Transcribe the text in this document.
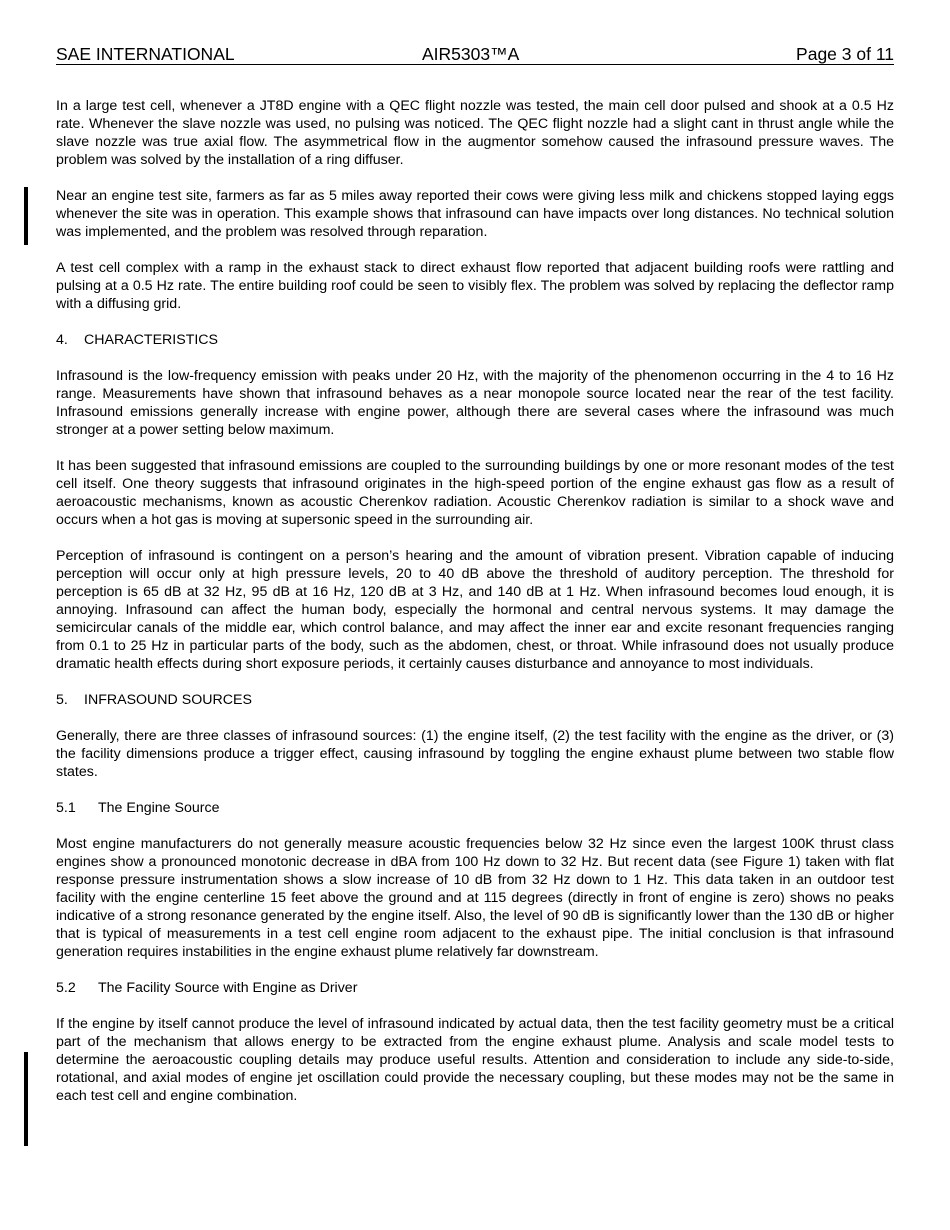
SAE INTERNATIONAL	AIR5303™A	Page 3 of 11

In a large test cell, whenever a JT8D engine with a QEC flight nozzle was tested, the main cell door pulsed and shook at a 0.5 Hz rate. Whenever the slave nozzle was used, no pulsing was noticed. The QEC flight nozzle had a slight cant in thrust angle while the slave nozzle was true axial flow. The asymmetrical flow in the augmentor somehow caused the infrasound pressure waves. The problem was solved by the installation of a ring diffuser.

Near an engine test site, farmers as far as 5 miles away reported their cows were giving less milk and chickens stopped laying eggs whenever the site was in operation. This example shows that infrasound can have impacts over long distances. No technical solution was implemented, and the problem was resolved through reparation.

A test cell complex with a ramp in the exhaust stack to direct exhaust flow reported that adjacent building roofs were rattling and pulsing at a 0.5 Hz rate. The entire building roof could be seen to visibly flex. The problem was solved by replacing the deflector ramp with a diffusing grid.

4. CHARACTERISTICS

Infrasound is the low-frequency emission with peaks under 20 Hz, with the majority of the phenomenon occurring in the 4 to 16 Hz range. Measurements have shown that infrasound behaves as a near monopole source located near the rear of the test facility. Infrasound emissions generally increase with engine power, although there are several cases where the infrasound was much stronger at a power setting below maximum.

It has been suggested that infrasound emissions are coupled to the surrounding buildings by one or more resonant modes of the test cell itself. One theory suggests that infrasound originates in the high-speed portion of the engine exhaust gas flow as a result of aeroacoustic mechanisms, known as acoustic Cherenkov radiation. Acoustic Cherenkov radiation is similar to a shock wave and occurs when a hot gas is moving at supersonic speed in the surrounding air.

Perception of infrasound is contingent on a person’s hearing and the amount of vibration present. Vibration capable of inducing perception will occur only at high pressure levels, 20 to 40 dB above the threshold of auditory perception. The threshold for perception is 65 dB at 32 Hz, 95 dB at 16 Hz, 120 dB at 3 Hz, and 140 dB at 1 Hz. When infrasound becomes loud enough, it is annoying. Infrasound can affect the human body, especially the hormonal and central nervous systems. It may damage the semicircular canals of the middle ear, which control balance, and may affect the inner ear and excite resonant frequencies ranging from 0.1 to 25 Hz in particular parts of the body, such as the abdomen, chest, or throat. While infrasound does not usually produce dramatic health effects during short exposure periods, it certainly causes disturbance and annoyance to most individuals.

5. INFRASOUND SOURCES

Generally, there are three classes of infrasound sources: (1) the engine itself, (2) the test facility with the engine as the driver, or (3) the facility dimensions produce a trigger effect, causing infrasound by toggling the engine exhaust plume between two stable flow states.

5.1 The Engine Source

Most engine manufacturers do not generally measure acoustic frequencies below 32 Hz since even the largest 100K thrust class engines show a pronounced monotonic decrease in dBA from 100 Hz down to 32 Hz. But recent data (see Figure 1) taken with flat response pressure instrumentation shows a slow increase of 10 dB from 32 Hz down to 1 Hz. This data taken in an outdoor test facility with the engine centerline 15 feet above the ground and at 115 degrees (directly in front of engine is zero) shows no peaks indicative of a strong resonance generated by the engine itself. Also, the level of 90 dB is significantly lower than the 130 dB or higher that is typical of measurements in a test cell engine room adjacent to the exhaust pipe. The initial conclusion is that infrasound generation requires instabilities in the engine exhaust plume relatively far downstream.

5.2 The Facility Source with Engine as Driver

If the engine by itself cannot produce the level of infrasound indicated by actual data, then the test facility geometry must be a critical part of the mechanism that allows energy to be extracted from the engine exhaust plume. Analysis and scale model tests to determine the aeroacoustic coupling details may produce useful results. Attention and consideration to include any side-to-side, rotational, and axial modes of engine jet oscillation could provide the necessary coupling, but these modes may not be the same in each test cell and engine combination.
